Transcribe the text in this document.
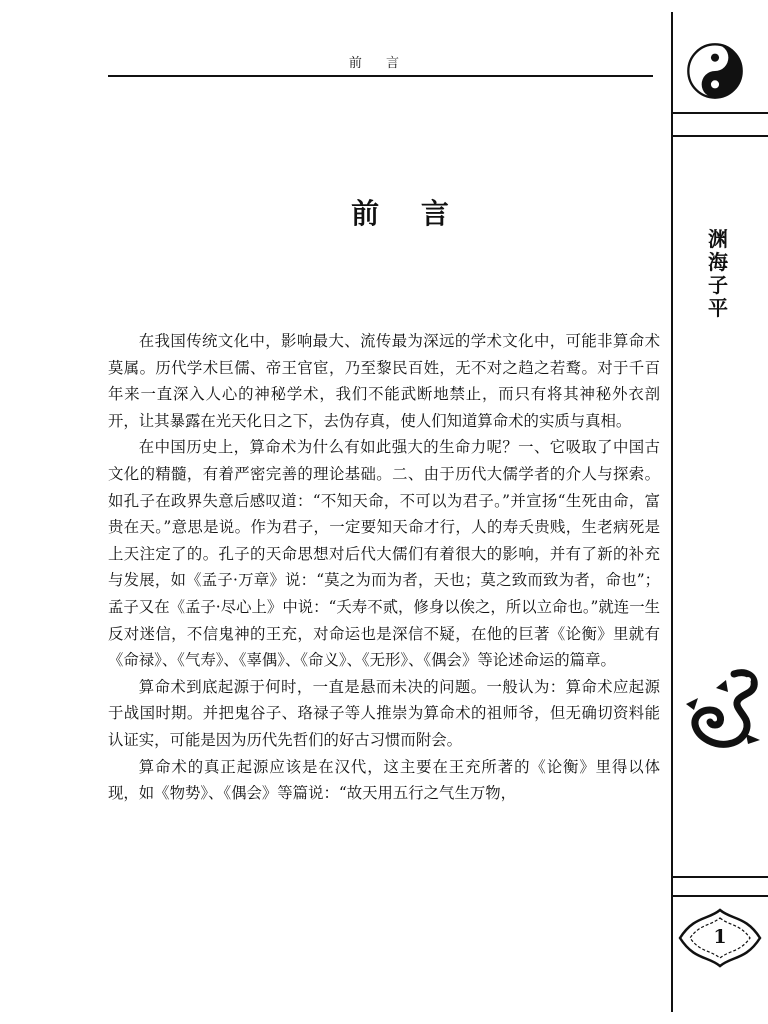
前 言
前 言

在我国传统文化中，影响最大、流传最为深远的学术文化中，可能非算命术莫属。历代学术巨儒、帝王官宦，乃至黎民百姓，无不对之趋之若鹜。对于千百年来一直深入人心的神秘学术，我们不能武断地禁止，而只有将其神秘外衣剖开，让其暴露在光天化日之下，去伪存真，使人们知道算命术的实质与真相。

在中国历史上，算命术为什么有如此强大的生命力呢？一、它吸取了中国古文化的精髓，有着严密完善的理论基础。二、由于历代大儒学者的介人与探索。如孔子在政界失意后感叹道：“不知天命，不可以为君子。”并宣扬“生死由命，富贵在天。”意思是说。作为君子，一定要知天命才行，人的寿夭贵贱，生老病死是上天注定了的。孔子的天命思想对后代大儒们有着很大的影响，并有了新的补充与发展，如《孟子·万章》说：“莫之为而为者，天也；莫之致而致为者，命也”；孟子又在《孟子·尽心上》中说：“夭寿不贰，修身以俟之，所以立命也。”就连一生反对迷信，不信鬼神的王充，对命运也是深信不疑，在他的巨著《论衡》里就有《命禄》、《气寿》、《辜偶》、《命义》、《无形》、《偶会》等论述命运的篇章。

算命术到底起源于何时，一直是悬而未决的问题。一般认为：算命术应起源于战国时期。并把鬼谷子、珞禄子等人推崇为算命术的祖师爷，但无确切资料能认证实，可能是因为历代先哲们的好古习惯而附会。

算命术的真正起源应该是在汉代，这主要在王充所著的《论衡》里得以体现，如《物势》、《偶会》等篇说：“故天用五行之气生万物，

渊海子平
1
